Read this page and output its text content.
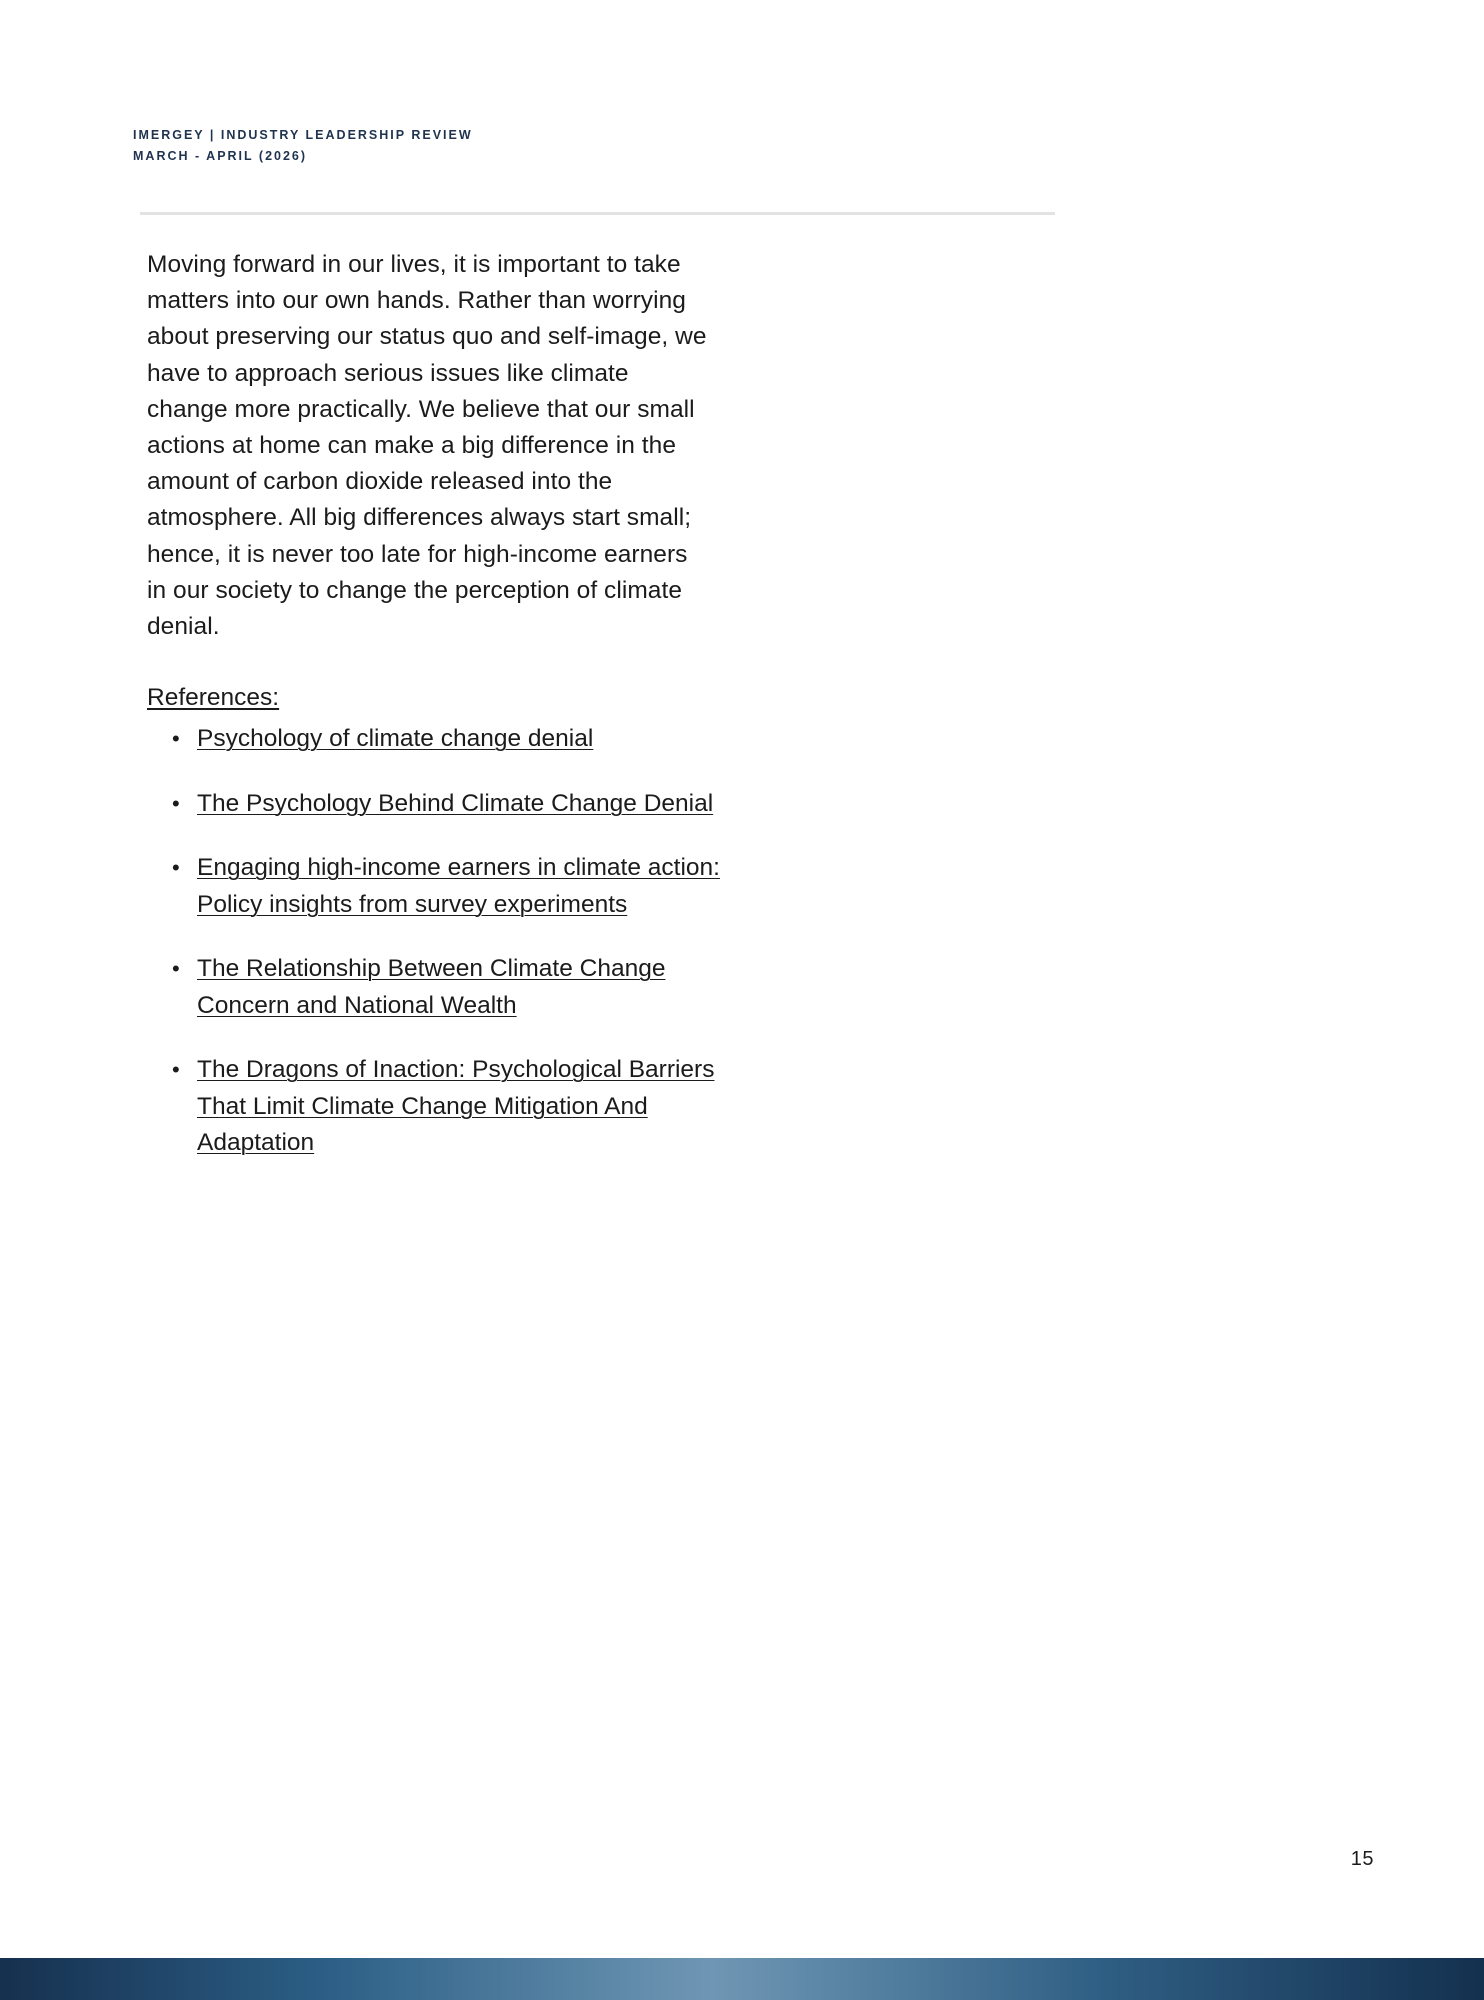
IMERGEY | INDUSTRY LEADERSHIP REVIEW
MARCH - APRIL (2026)

Moving forward in our lives, it is important to take matters into our own hands. Rather than worrying about preserving our status quo and self-image, we have to approach serious issues like climate change more practically. We believe that our small actions at home can make a big difference in the amount of carbon dioxide released into the atmosphere. All big differences always start small; hence, it is never too late for high-income earners in our society to change the perception of climate denial.

References:
• Psychology of climate change denial
• The Psychology Behind Climate Change Denial
• Engaging high-income earners in climate action: Policy insights from survey experiments
• The Relationship Between Climate Change Concern and National Wealth
• The Dragons of Inaction: Psychological Barriers That Limit Climate Change Mitigation And Adaptation
15
